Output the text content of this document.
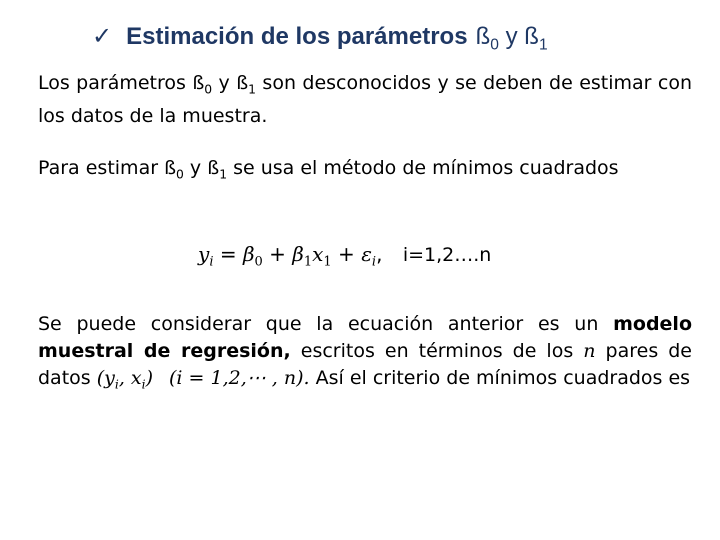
✓ Estimación de los parámetros $ß_0$ y $ß_1$
Los parámetros $ß_0$ y $ß_1$ son desconocidos y se deben de estimar con los datos de la muestra.
Para estimar $ß_0$ y $ß_1$ se usa el método de mínimos cuadrados
$y_i = \beta_0 + \beta_1x_1 + \varepsilon_i$, i=1,2….n
Se puede considerar que la ecuación anterior es un modelo muestral de regresión, escritos en términos de los n pares de datos ($y_i$, $x_i$) (i = 1,2,⋯ , n). Así el criterio de mínimos cuadrados es
